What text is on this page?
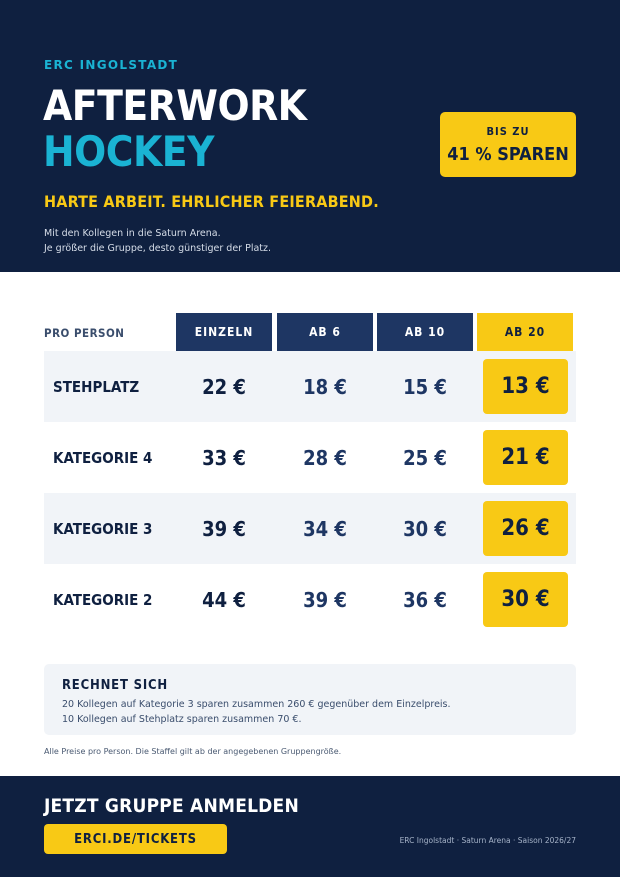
ERC INGOLSTADT
AFTERWORK
HOCKEY
HARTE ARBEIT. EHRLICHER FEIERABEND.
Mit den Kollegen in die Saturn Arena.
Je größer die Gruppe, desto günstiger der Platz.
BIS ZU
41 % SPAREN
PRO PERSON	EINZELN	AB 6	AB 10	AB 20
STEHPLATZ	22 €	18 €	15 €	13 €
KATEGORIE 4	33 €	28 €	25 €	21 €
KATEGORIE 3	39 €	34 €	30 €	26 €
KATEGORIE 2	44 €	39 €	36 €	30 €
RECHNET SICH
20 Kollegen auf Kategorie 3 sparen zusammen 260 € gegenüber dem Einzelpreis.
10 Kollegen auf Stehplatz sparen zusammen 70 €.
Alle Preise pro Person. Die Staffel gilt ab der angegebenen Gruppengröße.
JETZT GRUPPE ANMELDEN
ERCI.DE/TICKETS	ERC Ingolstadt · Saturn Arena · Saison 2026/27
